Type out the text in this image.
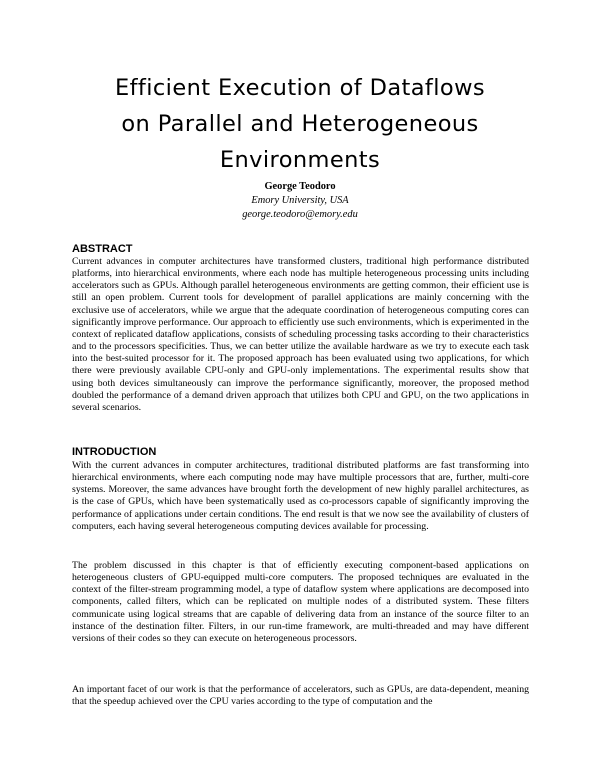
Efficient Execution of Dataflows
on Parallel and Heterogeneous
Environments
George Teodoro
Emory University, USA
george.teodoro@emory.edu
ABSTRACT

Current advances in computer architectures have transformed clusters, traditional high performance distributed platforms, into hierarchical environments, where each node has multiple heterogeneous processing units including accelerators such as GPUs. Although parallel heterogeneous environments are getting common, their efficient use is still an open problem. Current tools for development of parallel applications are mainly concerning with the exclusive use of accelerators, while we argue that the adequate coordination of heterogeneous computing cores can significantly improve performance. Our approach to efficiently use such environments, which is experimented in the context of replicated dataflow applications, consists of scheduling processing tasks according to their characteristics and to the processors specificities. Thus, we can better utilize the available hardware as we try to execute each task into the best-suited processor for it. The proposed approach has been evaluated using two applications, for which there were previously available CPU-only and GPU-only implementations. The experimental results show that using both devices simultaneously can improve the performance significantly, moreover, the proposed method doubled the performance of a demand driven approach that utilizes both CPU and GPU, on the two applications in several scenarios.

INTRODUCTION

With the current advances in computer architectures, traditional distributed platforms are fast transforming into hierarchical environments, where each computing node may have multiple processors that are, further, multi-core systems. Moreover, the same advances have brought forth the development of new highly parallel architectures, as is the case of GPUs, which have been systematically used as co-processors capable of significantly improving the performance of applications under certain conditions. The end result is that we now see the availability of clusters of computers, each having several heterogeneous computing devices available for processing.

The problem discussed in this chapter is that of efficiently executing component-based applications on heterogeneous clusters of GPU-equipped multi-core computers. The proposed techniques are evaluated in the context of the filter-stream programming model, a type of dataflow system where applications are decomposed into components, called filters, which can be replicated on multiple nodes of a distributed system. These filters communicate using logical streams that are capable of delivering data from an instance of the source filter to an instance of the destination filter. Filters, in our run-time framework, are multi-threaded and may have different versions of their codes so they can execute on heterogeneous processors.

An important facet of our work is that the performance of accelerators, such as GPUs, are data-dependent, meaning that the speedup achieved over the CPU varies according to the type of computation and the
